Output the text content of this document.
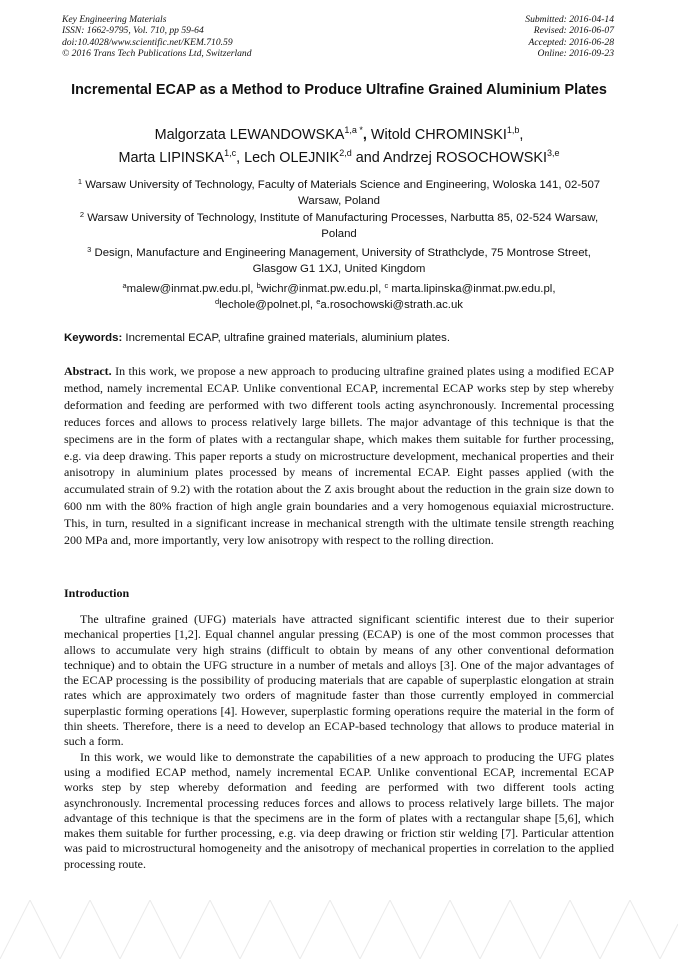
Key Engineering Materials
ISSN: 1662-9795, Vol. 710, pp 59-64
doi:10.4028/www.scientific.net/KEM.710.59
© 2016 Trans Tech Publications Ltd, Switzerland
Submitted: 2016-04-14
Revised: 2016-06-07
Accepted: 2016-06-28
Online: 2016-09-23
Incremental ECAP as a Method to Produce Ultrafine Grained Aluminium Plates
Malgorzata $LEWANDOWSKA^{1,a *}$, Witold CHROMINSKI$^{1,b}$,
Marta LIPINSKA$^{1,c}$, Lech OLEJNIK$^{2,d}$ and Andrzej ROSOCHOWSKI$^{3,e}$
$^1$ Warsaw University of Technology, Faculty of Materials Science and Engineering, Woloska 141, 02-507 Warsaw, Poland
$^2$ Warsaw University of Technology, Institute of Manufacturing Processes, Narbutta 85, 02-524 Warsaw, Poland
$^3$ Design, Manufacture and Engineering Management, University of Strathclyde, 75 Montrose Street, Glasgow G1 1XJ, United Kingdom
$^a$malew@inmat.pw.edu.pl, $^b$wichr@inmat.pw.edu.pl, $^c$ marta.lipinska@inmat.pw.edu.pl,
$^d$lechole@polnet.pl, $^e$a.rosochowski@strath.ac.uk
Keywords: Incremental ECAP, ultrafine grained materials, aluminium plates.

Abstract. In this work, we propose a new approach to producing ultrafine grained plates using a modified ECAP method, namely incremental ECAP. Unlike conventional ECAP, incremental ECAP works step by step whereby deformation and feeding are performed with two different tools acting asynchronously. Incremental processing reduces forces and allows to process relatively large billets. The major advantage of this technique is that the specimens are in the form of plates with a rectangular shape, which makes them suitable for further processing, e.g. via deep drawing. This paper reports a study on microstructure development, mechanical properties and their anisotropy in aluminium plates processed by means of incremental ECAP. Eight passes applied (with the accumulated strain of 9.2) with the rotation about the Z axis brought about the reduction in the grain size down to 600 nm with the 80% fraction of high angle grain boundaries and a very homogenous equiaxial microstructure. This, in turn, resulted in a significant increase in mechanical strength with the ultimate tensile strength reaching 200 MPa and, more importantly, very low anisotropy with respect to the rolling direction.

Introduction

The ultrafine grained (UFG) materials have attracted significant scientific interest due to their superior mechanical properties [1,2]. Equal channel angular pressing (ECAP) is one of the most common processes that allows to accumulate very high strains (difficult to obtain by means of any other conventional deformation technique) and to obtain the UFG structure in a number of metals and alloys [3]. One of the major advantages of the ECAP processing is the possibility of producing materials that are capable of superplastic elongation at strain rates which are approximately two orders of magnitude faster than those currently employed in commercial superplastic forming operations [4]. However, superplastic forming operations require the material in the form of thin sheets. Therefore, there is a need to develop an ECAP-based technology that allows to produce material in such a form.

In this work, we would like to demonstrate the capabilities of a new approach to producing the UFG plates using a modified ECAP method, namely incremental ECAP. Unlike conventional ECAP, incremental ECAP works step by step whereby deformation and feeding are performed with two different tools acting asynchronously. Incremental processing reduces forces and allows to process relatively large billets. The major advantage of this technique is that the specimens are in the form of plates with a rectangular shape [5,6], which makes them suitable for further processing, e.g. via deep drawing or friction stir welding [7]. Particular attention was paid to microstructural homogeneity and the anisotropy of mechanical properties in correlation to the applied processing route.
